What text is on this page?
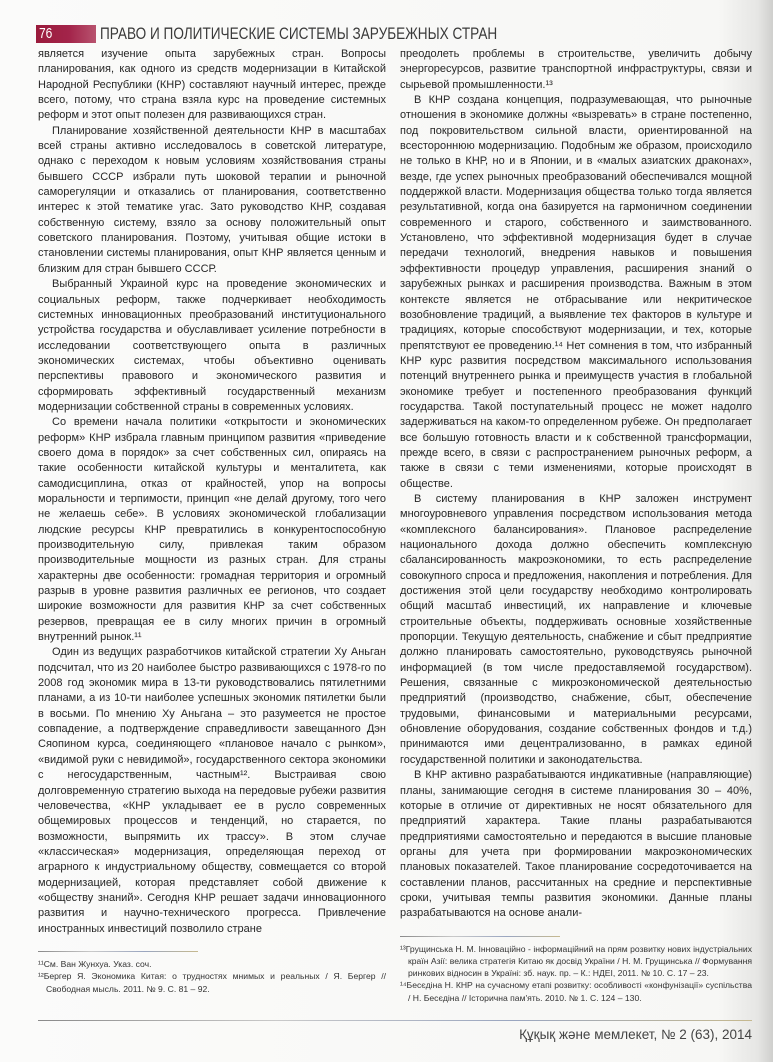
76	ПРАВО И ПОЛИТИЧЕСКИЕ СИСТЕМЫ ЗАРУБЕЖНЫХ СТРАН

является изучение опыта зарубежных стран. Вопросы планирования, как одного из средств модернизации в Китайской Народной Республики (КНР) составляют научный интерес, прежде всего, потому, что страна взяла курс на проведение системных реформ и этот опыт полезен для развивающихся стран.

Планирование хозяйственной деятельности КНР в масштабах всей страны активно исследовалось в советской литературе, однако с переходом к новым условиям хозяйствования страны бывшего СССР избрали путь шоковой терапии и рыночной саморегуляции и отказались от планирования, соответственно интерес к этой тематике угас. Зато руководство КНР, создавая собственную систему, взяло за основу положительный опыт советского планирования. Поэтому, учитывая общие истоки в становлении системы планирования, опыт КНР является ценным и близким для стран бывшего СССР.

Выбранный Украиной курс на проведение экономических и социальных реформ, также подчеркивает необходимость системных инновационных преобразований институционального устройства государства и обуславливает усиление потребности в исследовании соответствующего опыта в различных экономических системах, чтобы объективно оценивать перспективы правового и экономического развития и сформировать эффективный государственный механизм модернизации собственной страны в современных условиях.

Со времени начала политики «открытости и экономических реформ» КНР избрала главным принципом развития «приведение своего дома в порядок» за счет собственных сил, опираясь на такие особенности китайской культуры и менталитета, как самодисциплина, отказ от крайностей, упор на вопросы моральности и терпимости, принцип «не делай другому, того чего не желаешь себе». В условиях экономической глобализации людские ресурсы КНР превратились в конкурентоспособную производительную силу, привлекая таким образом производительные мощности из разных стран. Для страны характерны две особенности: громадная территория и огромный разрыв в уровне развития различных ее регионов, что создает широкие возможности для развития КНР за счет собственных резервов, превращая ее в силу многих причин в огромный внутренний рынок.¹¹

Один из ведущих разработчиков китайской стратегии Ху Аньган подсчитал, что из 20 наиболее быстро развивающихся с 1978-го по 2008 год экономик мира в 13-ти руководствовались пятилетними планами, а из 10-ти наиболее успешных экономик пятилетки были в восьми. По мнению Ху Аньгана – это разумеется не простое совпадение, а подтверждение справедливости завещанного Дэн Сяопином курса, соединяющего «плановое начало с рынком», «видимой руки с невидимой», государственного сектора экономики с негосударственным, частным¹². Выстраивая свою долговременную стратегию выхода на передовые рубежи развития человечества, «КНР укладывает ее в русло современных общемировых процессов и тенденций, но старается, по возможности, выпрямить их трассу». В этом случае «классическая» модернизация, определяющая переход от аграрного к индустриальному обществу, совмещается со второй модернизацией, которая представляет собой движение к «обществу знаний». Сегодня КНР решает задачи инновационного развития и научно-технического прогресса. Привлечение иностранных инвестиций позволило стране

¹¹См. Ван Жунхуа. Указ. соч.

¹²Бергер Я. Экономика Китая: о трудностях мнимых и реальных / Я. Бергер // Свободная мысль. 2011. № 9. С. 81 – 92.

преодолеть проблемы в строительстве, увеличить добычу энергоресурсов, развитие транспортной инфраструктуры, связи и сырьевой промышленности.¹³

В КНР создана концепция, подразумевающая, что рыночные отношения в экономике должны «вызревать» в стране постепенно, под покровительством сильной власти, ориентированной на всестороннюю модернизацию. Подобным же образом, происходило не только в КНР, но и в Японии, и в «малых азиатских драконах», везде, где успех рыночных преобразований обеспечивался мощной поддержкой власти. Модернизация общества только тогда является результативной, когда она базируется на гармоничном соединении современного и старого, собственного и заимствованного. Установлено, что эффективной модернизация будет в случае передачи технологий, внедрения навыков и повышения эффективности процедур управления, расширения знаний о зарубежных рынках и расширения производства. Важным в этом контексте является не отбрасывание или некритическое возобновление традиций, а выявление тех факторов в культуре и традициях, которые способствуют модернизации, и тех, которые препятствуют ее проведению.¹⁴ Нет сомнения в том, что избранный КНР курс развития посредством максимального использования потенций внутреннего рынка и преимуществ участия в глобальной экономике требует и постепенного преобразования функций государства. Такой поступательный процесс не может надолго задерживаться на каком-то определенном рубеже. Он предполагает все большую готовность власти и к собственной трансформации, прежде всего, в связи с распространением рыночных реформ, а также в связи с теми изменениями, которые происходят в обществе.

В систему планирования в КНР заложен инструмент многоуровневого управления посредством использования метода «комплексного балансирования». Плановое распределение национального дохода должно обеспечить комплексную сбалансированность макроэкономики, то есть распределение совокупного спроса и предложения, накопления и потребления. Для достижения этой цели государству необходимо контролировать общий масштаб инвестиций, их направление и ключевые строительные объекты, поддерживать основные хозяйственные пропорции. Текущую деятельность, снабжение и сбыт предприятие должно планировать самостоятельно, руководствуясь рыночной информацией (в том числе предоставляемой государством). Решения, связанные с микроэкономической деятельностью предприятий (производство, снабжение, сбыт, обеспечение трудовыми, финансовыми и материальными ресурсами, обновление оборудования, создание собственных фондов и т.д.) принимаются ими децентрализованно, в рамках единой государственной политики и законодательства.

В КНР активно разрабатываются индикативные (направляющие) планы, занимающие сегодня в системе планирования 30 – 40%, которые в отличие от директивных не носят обязательного для предприятий характера. Такие планы разрабатываются предприятиями самостоятельно и передаются в высшие плановые органы для учета при формировании макроэкономических плановых показателей. Такое планирование сосредоточивается на составлении планов, рассчитанных на средние и перспективные сроки, учитывая темпы развития экономики. Данные планы разрабатываются на основе анали-

¹³Грущинська Н. М. Інноваційно - інформаційний на прям розвитку нових індустріальних країн Азії: велика стратегія Китаю як досвід України / Н. М. Грущинська // Формування ринкових відносин в Україні: зб. наук. пр. – К.: НДЕІ, 2011. № 10. С. 17 – 23.

¹⁴Бесєдіна Н. КНР на сучасному етапі розвитку: особливості «конфунізації» суспільства / Н. Бесєдіна // Історична пам'ять. 2010. № 1. С. 124 – 130.

Құқық және мемлекет, № 2 (63), 2014
